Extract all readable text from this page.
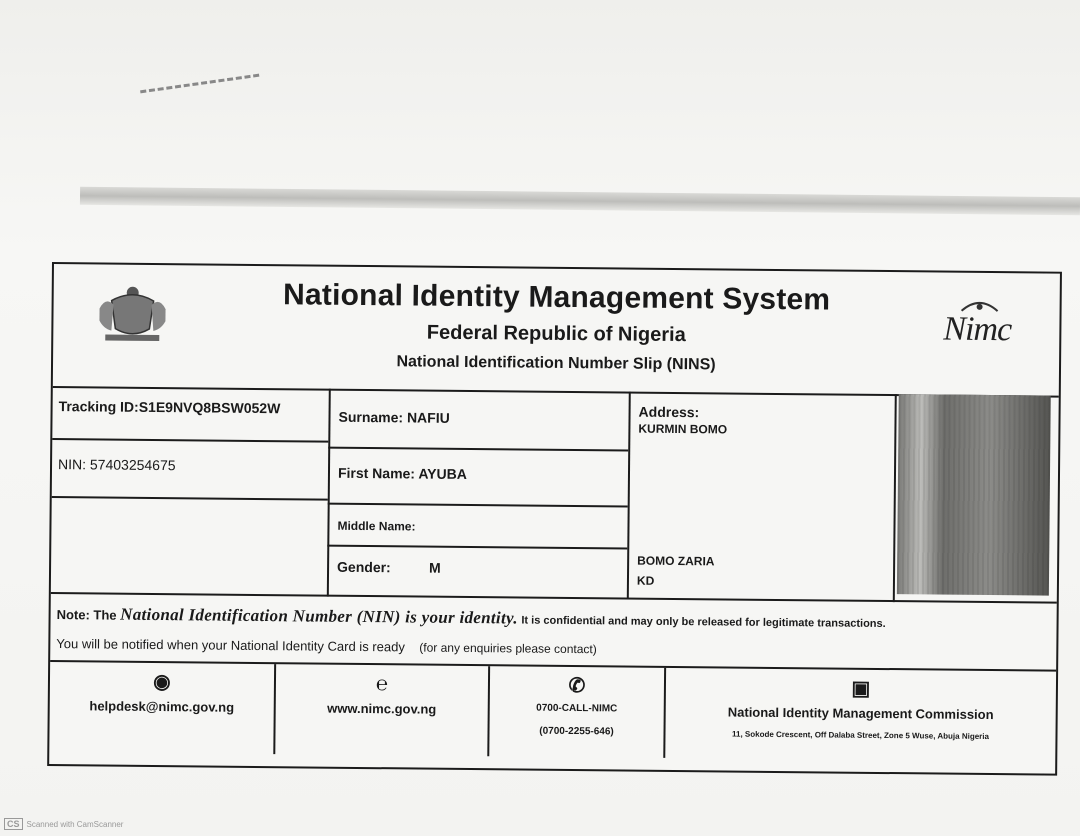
National Identity Management System
Federal Republic of Nigeria
National Identification Number Slip (NINS)
Nimc
Tracking ID:S1E9NVQ8BSW052W
NIN: 57403254675
Surname: NAFIU
First Name: AYUBA
Middle Name:
Gender:	M
Address:
KURMIN BOMO
BOMO ZARIA
KD
Note: The National Identification Number (NIN) is your identity. It is confidential and may only be released for legitimate transactions.
You will be notified when your National Identity Card is ready (for any enquiries please contact)
◉
helpdesk@nimc.gov.ng
℮
www.nimc.gov.ng
✆
0700-CALL-NIMC
(0700-2255-646)
▣
National Identity Management Commission
11, Sokode Crescent, Off Dalaba Street, Zone 5 Wuse, Abuja Nigeria
CS Scanned with CamScanner
